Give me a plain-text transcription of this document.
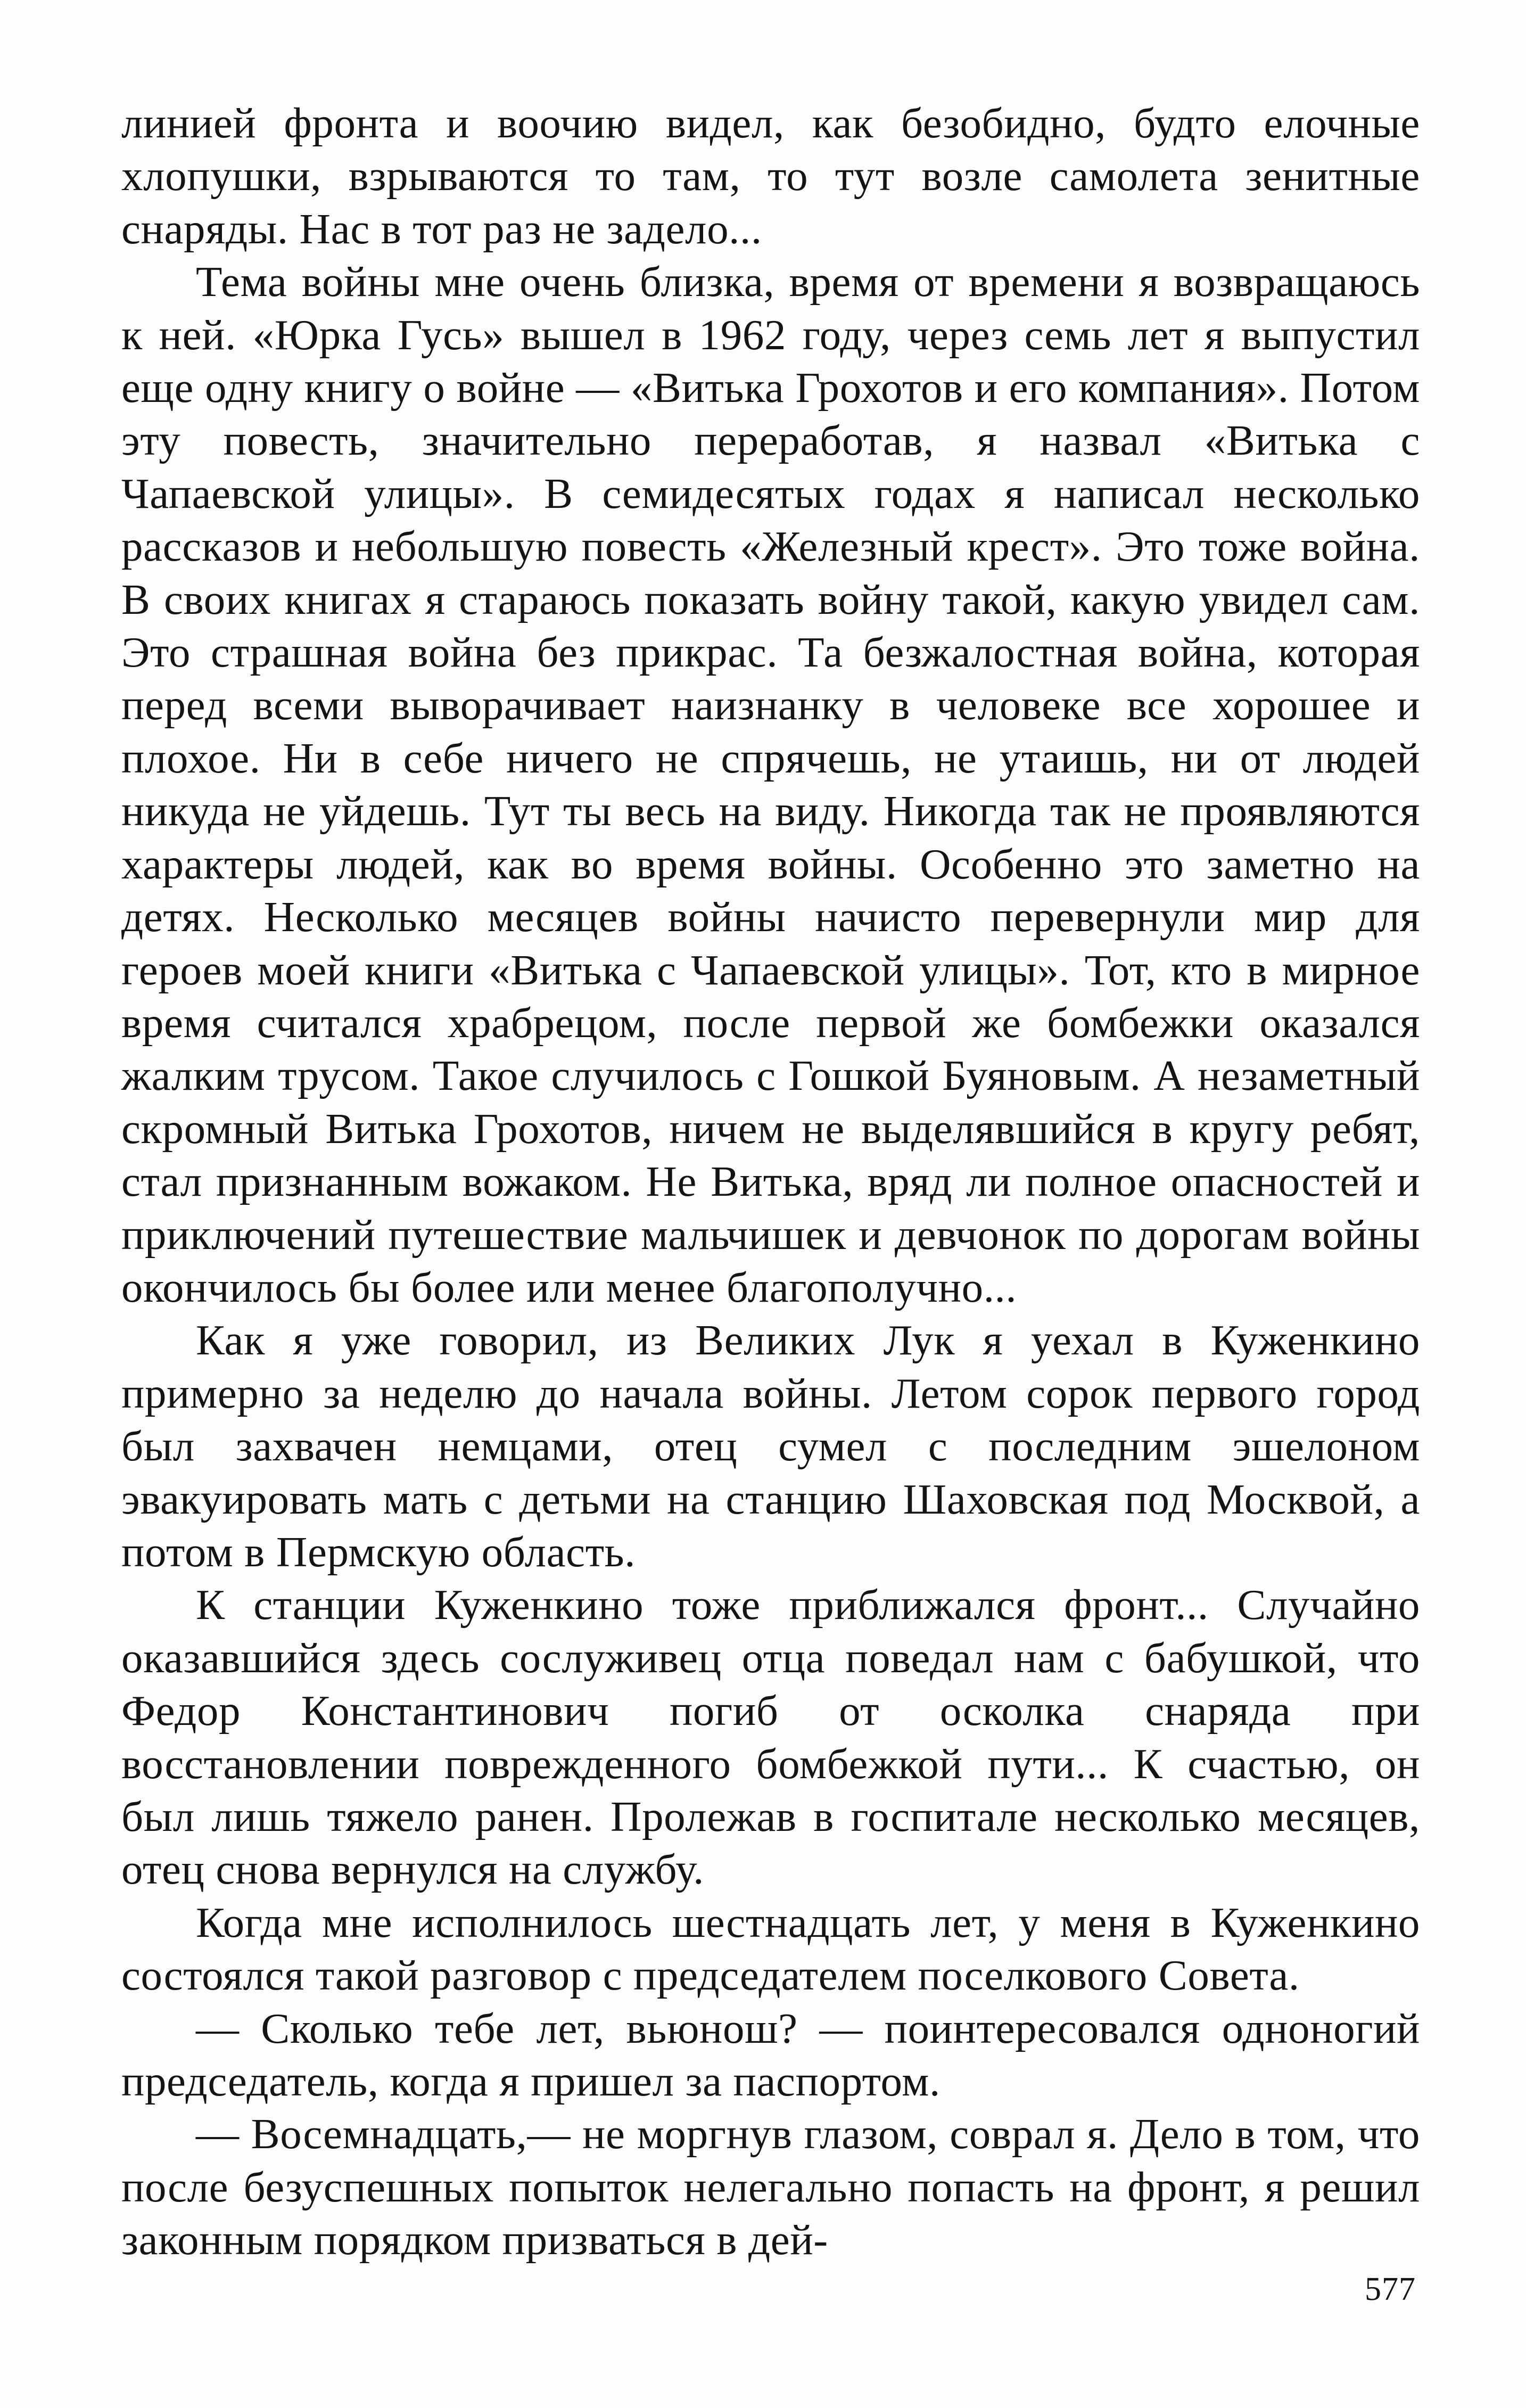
линией фронта и воочию видел, как безобидно, будто елочные хлопушки, взрываются то там, то тут возле самолета зенитные снаряды. Нас в тот раз не задело...

Тема войны мне очень близка, время от времени я возвращаюсь к ней. «Юрка Гусь» вышел в 1962 году, через семь лет я выпустил еще одну книгу о войне — «Витька Грохотов и его компания». Потом эту повесть, значительно переработав, я назвал «Витька с Чапаевской улицы». В семидесятых годах я написал несколько рассказов и небольшую повесть «Железный крест». Это тоже война. В своих книгах я стараюсь показать войну такой, какую увидел сам. Это страшная война без прикрас. Та безжалостная война, которая перед всеми выворачивает наизнанку в человеке все хорошее и плохое. Ни в себе ничего не спрячешь, не утаишь, ни от людей никуда не уйдешь. Тут ты весь на виду. Никогда так не проявляются характеры людей, как во время войны. Особенно это заметно на детях. Несколько месяцев войны начисто перевернули мир для героев моей книги «Витька с Чапаевской улицы». Тот, кто в мирное время считался храбрецом, после первой же бомбежки оказался жалким трусом. Такое случилось с Гошкой Буяновым. А незаметный скромный Витька Грохотов, ничем не выделявшийся в кругу ребят, стал признанным вожаком. Не Витька, вряд ли полное опасностей и приключений путешествие мальчишек и девчонок по дорогам войны окончилось бы более или менее благополучно...

Как я уже говорил, из Великих Лук я уехал в Куженкино примерно за неделю до начала войны. Летом сорок первого город был захвачен немцами, отец сумел с последним эшелоном эвакуировать мать с детьми на станцию Шаховская под Москвой, а потом в Пермскую область.

К станции Куженкино тоже приближался фронт... Случайно оказавшийся здесь сослуживец отца поведал нам с бабушкой, что Федор Константинович погиб от осколка снаряда при восстановлении поврежденного бомбежкой пути... К счастью, он был лишь тяжело ранен. Пролежав в госпитале несколько месяцев, отец снова вернулся на службу.

Когда мне исполнилось шестнадцать лет, у меня в Куженкино состоялся такой разговор с председателем поселкового Совета.

— Сколько тебе лет, вьюнош? — поинтересовался одноногий председатель, когда я пришел за паспортом.

— Восемнадцать,— не моргнув глазом, соврал я. Дело в том, что после безуспешных попыток нелегально попасть на фронт, я решил законным порядком призваться в дей-

577
